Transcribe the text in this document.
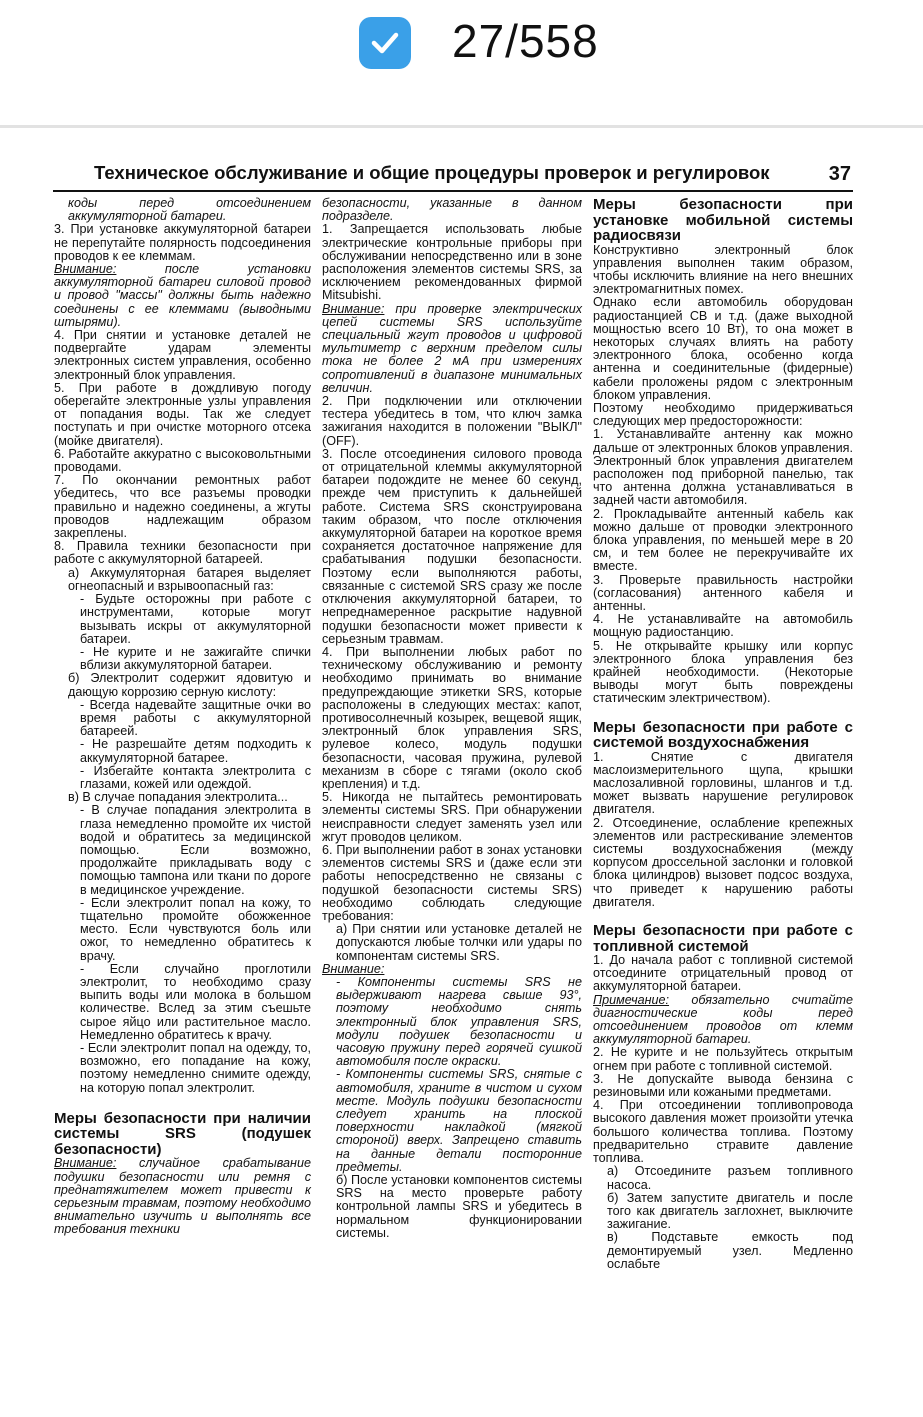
27/558
Техническое обслуживание и общие процедуры проверок и регулировок	37

коды перед отсоединением аккумуляторной батареи.

3. При установке аккумуляторной батареи не перепутайте полярность подсоединения проводов к ее клеммам.

Внимание: после установки аккумуляторной батареи силовой провод и провод "массы" должны быть надежно соединены с ее клеммами (выводными штырями).

4. При снятии и установке деталей не подвергайте ударам элементы электронных систем управления, особенно электронный блок управления.

5. При работе в дождливую погоду оберегайте электронные узлы управления от попадания воды. Так же следует поступать и при очистке моторного отсека (мойке двигателя).

6. Работайте аккуратно с высоковольтными проводами.

7. По окончании ремонтных работ убедитесь, что все разъемы проводки правильно и надежно соединены, а жгуты проводов надлежащим образом закреплены.

8. Правила техники безопасности при работе с аккумуляторной батареей.

а) Аккумуляторная батарея выделяет огнеопасный и взрывоопасный газ:

- Будьте осторожны при работе с инструментами, которые могут вызывать искры от аккумуляторной батареи.

- Не курите и не зажигайте спички вблизи аккумуляторной батареи.

б) Электролит содержит ядовитую и дающую коррозию серную кислоту:

- Всегда надевайте защитные очки во время работы с аккумуляторной батареей.

- Не разрешайте детям подходить к аккумуляторной батарее.

- Избегайте контакта электролита с глазами, кожей или одеждой.

в) В случае попадания электролита...

- В случае попадания электролита в глаза немедленно промойте их чистой водой и обратитесь за медицинской помощью. Если возможно, продолжайте прикладывать воду с помощью тампона или ткани по дороге в медицинское учреждение.

- Если электролит попал на кожу, то тщательно промойте обожженное место. Если чувствуются боль или ожог, то немедленно обратитесь к врачу.

- Если случайно проглотили электролит, то необходимо сразу выпить воды или молока в большом количестве. Вслед за этим съешьте сырое яйцо или растительное масло. Немедленно обратитесь к врачу.

- Если электролит попал на одежду, то, возможно, его попадание на кожу, поэтому немедленно снимите одежду, на которую попал электролит.

Меры безопасности при наличии системы SRS (подушек безопасности)

Внимание: случайное срабатывание подушки безопасности или ремня с преднатяжителем может привести к серьезным травмам, поэтому необходимо внимательно изучить и выполнять все требования техники

безопасности, указанные в данном подразделе.

1. Запрещается использовать любые электрические контрольные приборы при обслуживании непосредственно или в зоне расположения элементов системы SRS, за исключением рекомендованных фирмой Mitsubishi.

Внимание: при проверке электрических цепей системы SRS используйте специальный жгут проводов и цифровой мультиметр с верхним пределом силы тока не более 2 мА при измерениях сопротивлений в диапазоне минимальных величин.

2. При подключении или отключении тестера убедитесь в том, что ключ замка зажигания находится в положении "ВЫКЛ" (OFF).

3. После отсоединения силового провода от отрицательной клеммы аккумуляторной батареи подождите не менее 60 секунд, прежде чем приступить к дальнейшей работе. Система SRS сконструирована таким образом, что после отключения аккумуляторной батареи на короткое время сохраняется достаточное напряжение для срабатывания подушки безопасности. Поэтому если выполняются работы, связанные с системой SRS сразу же после отключения аккумуляторной батареи, то непреднамеренное раскрытие надувной подушки безопасности может привести к серьезным травмам.

4. При выполнении любых работ по техническому обслуживанию и ремонту необходимо принимать во внимание предупреждающие этикетки SRS, которые расположены в следующих местах: капот, противосолнечный козырек, вещевой ящик, электронный блок управления SRS, рулевое колесо, модуль подушки безопасности, часовая пружина, рулевой механизм в сборе с тягами (около скоб крепления) и т.д.

5. Никогда не пытайтесь ремонтировать элементы системы SRS. При обнаружении неисправности следует заменять узел или жгут проводов целиком.

6. При выполнении работ в зонах установки элементов системы SRS и (даже если эти работы непосредственно не связаны с подушкой безопасности системы SRS) необходимо соблюдать следующие требования:

а) При снятии или установке деталей не допускаются любые толчки или удары по компонентам системы SRS.

Внимание:

- Компоненты системы SRS не выдерживают нагрева свыше 93°, поэтому необходимо снять электронный блок управления SRS, модули подушек безопасности и часовую пружину перед горячей сушкой автомобиля после окраски.

- Компоненты системы SRS, снятые с автомобиля, храните в чистом и сухом месте. Модуль подушки безопасности следует хранить на плоской поверхности накладкой (мягкой стороной) вверх. Запрещено ставить на данные детали посторонние предметы.

б) После установки компонентов системы SRS на место проверьте работу контрольной лампы SRS и убедитесь в нормальном функционировании системы.

Меры безопасности при установке мобильной системы радиосвязи

Конструктивно электронный блок управления выполнен таким образом, чтобы исключить влияние на него внешних электромагнитных помех.

Однако если автомобиль оборудован радиостанцией СВ и т.д. (даже выходной мощностью всего 10 Вт), то она может в некоторых случаях влиять на работу электронного блока, особенно когда антенна и соединительные (фидерные) кабели проложены рядом с электронным блоком управления.

Поэтому необходимо придерживаться следующих мер предосторожности:

1. Устанавливайте антенну как можно дальше от электронных блоков управления. Электронный блок управления двигателем расположен под приборной панелью, так что антенна должна устанавливаться в задней части автомобиля.

2. Прокладывайте антенный кабель как можно дальше от проводки электронного блока управления, по меньшей мере в 20 см, и тем более не перекручивайте их вместе.

3. Проверьте правильность настройки (согласования) антенного кабеля и антенны.

4. Не устанавливайте на автомобиль мощную радиостанцию.

5. Не открывайте крышку или корпус электронного блока управления без крайней необходимости. (Некоторые выводы могут быть повреждены статическим электричеством).

Меры безопасности при работе с системой воздухоснабжения

1. Снятие с двигателя маслоизмерительного щупа, крышки маслозаливной горловины, шлангов и т.д. может вызвать нарушение регулировок двигателя.

2. Отсоединение, ослабление крепежных элементов или растрескивание элементов системы воздухоснабжения (между корпусом дроссельной заслонки и головкой блока цилиндров) вызовет подсос воздуха, что приведет к нарушению работы двигателя.

Меры безопасности при работе с топливной системой

1. До начала работ с топливной системой отсоедините отрицательный провод от аккумуляторной батареи.

Примечание: обязательно считайте диагностические коды перед отсоединением проводов от клемм аккумуляторной батареи.

2. Не курите и не пользуйтесь открытым огнем при работе с топливной системой.

3. Не допускайте вывода бензина с резиновыми или кожаными предметами.

4. При отсоединении топливопровода высокого давления может произойти утечка большого количества топлива. Поэтому предварительно стравите давление топлива.

а) Отсоедините разъем топливного насоса.

б) Затем запустите двигатель и после того как двигатель заглохнет, выключите зажигание.

в) Подставьте емкость под демонтируемый узел. Медленно ослабьте
